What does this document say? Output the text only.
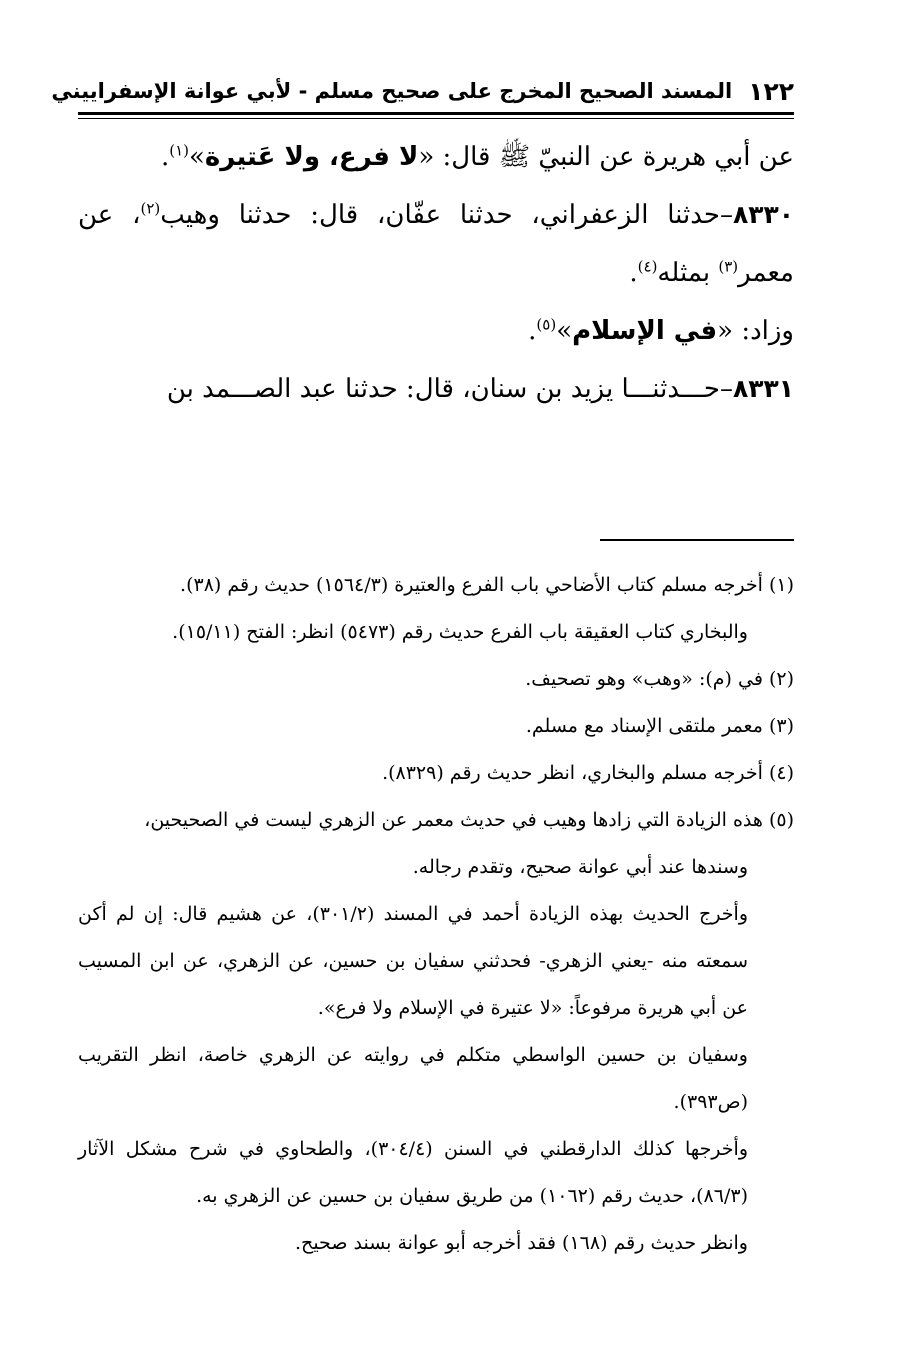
١٢٢
المسند الصحيح المخرج على صحيح مسلم - لأبي عوانة الإسفراييني

عن أبي هريرة عن النبيّ ﷺ قال: «لا فرع، ولا عَتيرة»$^{(١)}$.

٨٣٣٠–حدثنا الزعفراني، حدثنا عفّان، قال: حدثنا وهيب$^{(٢)}$، عن معمر$^{(٣)}$ بمثله$^{(٤)}$.

وزاد: «في الإسلام»$^{(٥)}$.

٨٣٣١–حـــدثنـــا يزيد بن سنان، قال: حدثنا عبد الصـــمد بن

(١) أخرجه مسلم كتاب الأضاحي باب الفرع والعتيرة (١٥٦٤/٣) حديث رقم (٣٨).

والبخاري كتاب العقيقة باب الفرع حديث رقم (٥٤٧٣) انظر: الفتح (١٥/١١).

(٢) في (م): «وهب» وهو تصحيف.

(٣) معمر ملتقى الإسناد مع مسلم.

(٤) أخرجه مسلم والبخاري، انظر حديث رقم (٨٣٢٩).

(٥) هذه الزيادة التي زادها وهيب في حديث معمر عن الزهري ليست في الصحيحين،

وسندها عند أبي عوانة صحيح، وتقدم رجاله.

وأخرج الحديث بهذه الزيادة أحمد في المسند (٣٠١/٢)، عن هشيم قال: إن لم أكن سمعته منه -يعني الزهري- فحدثني سفيان بن حسين، عن الزهري، عن ابن المسيب عن أبي هريرة مرفوعاً: «لا عتيرة في الإسلام ولا فرع».

وسفيان بن حسين الواسطي متكلم في روايته عن الزهري خاصة، انظر التقريب (ص٣٩٣).

وأخرجها كذلك الدارقطني في السنن (٣٠٤/٤)، والطحاوي في شرح مشكل الآثار (٨٦/٣)، حديث رقم (١٠٦٢) من طريق سفيان بن حسين عن الزهري به.

وانظر حديث رقم (١٦٨) فقد أخرجه أبو عوانة بسند صحيح.
